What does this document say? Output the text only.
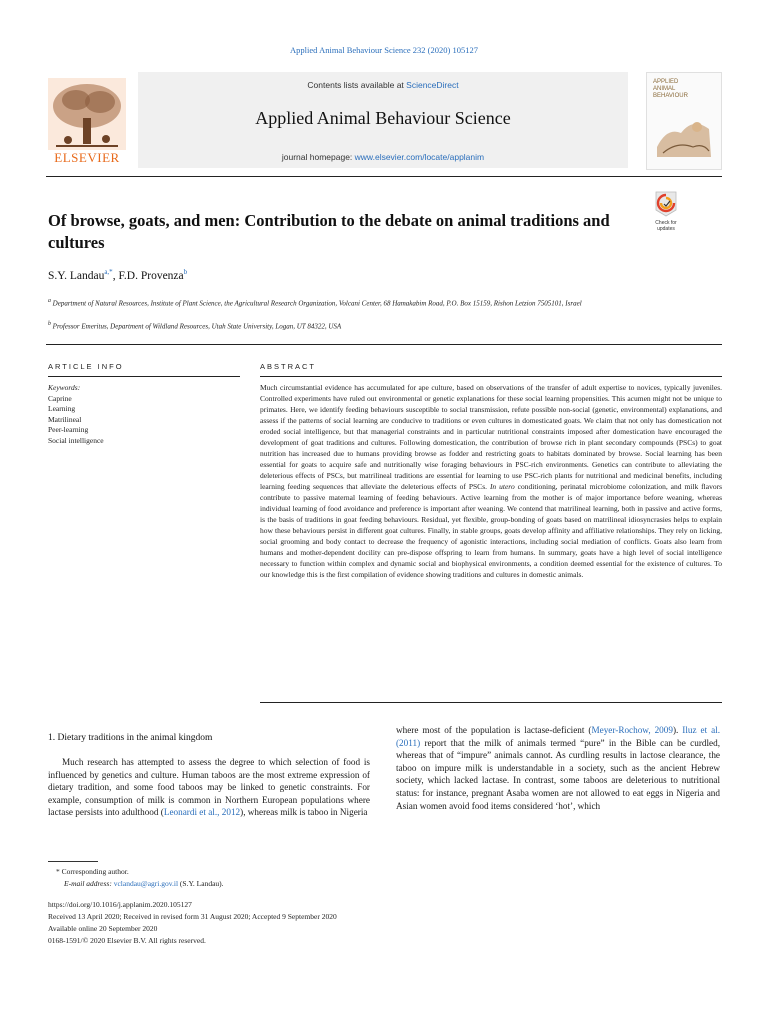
Applied Animal Behaviour Science 232 (2020) 105127
ELSEVIER
Contents lists available at ScienceDirect
Applied Animal Behaviour Science
journal homepage: www.elsevier.com/locate/applanim
APPLIED
ANIMAL
BEHAVIOUR
Of browse, goats, and men: Contribution to the debate on animal traditions and cultures
Check for updates
S.Y. Landau$^{a,*}$, F.D. Provenza$^b$
$^a$ Department of Natural Resources, Institute of Plant Science, the Agricultural Research Organization, Volcani Center, 68 Hamakabim Road, P.O. Box 15159, Rishon Letzion 7505101, Israel
$^b$ Professor Emeritus, Department of Wildland Resources, Utah State University, Logan, UT 84322, USA
ARTICLE INFO	ABSTRACT
Keywords:
Caprine
Learning
Matrilineal
Peer-learning
Social intelligence
Much circumstantial evidence has accumulated for ape culture, based on observations of the transfer of adult expertise to novices, typically juveniles. Controlled experiments have ruled out environmental or genetic explanations for these social learning propensities. This acumen might not be unique to primates. Here, we identify feeding behaviours susceptible to social transmission, refute possible non-social (genetic, environmental) explanations, and assess if the patterns of social learning are conducive to traditions or even cultures in domesticated goats. We claim that not only has domestication not eroded social intelligence, but that managerial constraints and in particular nutritional constraints imposed after domestication have encouraged the development of goat traditions and cultures. Following domestication, the contribution of browse rich in plant secondary compounds (PSCs) to goat nutrition has increased due to humans providing browse as fodder and restricting goats to habitats dominated by browse. Social learning has been essential for goats to acquire safe and nutritionally wise foraging behaviours in PSC-rich environments. Genetics can contribute to alleviating the deleterious effects of PSCs, but matrilineal traditions are essential for learning to use PSC-rich plants for nutritional and medicinal benefits, including learning feeding sequences that alleviate the deleterious effects of PSCs. In utero conditioning, perinatal microbiome colonization, and milk flavors contribute to passive maternal learning of feeding behaviours. Active learning from the mother is of major importance before weaning, whereas individual learning of food avoidance and preference is important after weaning. We contend that matrilineal learning, both in passive and active forms, is the basis of traditions in goat feeding behaviours. Residual, yet flexible, group-bonding of goats based on matrilineal idiosyncrasies helps to explain how these behaviours persist in different goat cultures. Finally, in stable groups, goats develop affinity and affiliative relationships. They rely on licking, social grooming and body contact to decrease the frequency of agonistic interactions, including social mediation of conflicts. Goats also learn from humans and mother-dependent docility can pre-dispose offspring to learn from humans. In summary, goats have a high level of social intelligence necessary to function within complex and dynamic social and biophysical environments, a condition deemed essential for the existence of cultures. To our knowledge this is the first compilation of evidence showing traditions and cultures in domestic animals.
1. Dietary traditions in the animal kingdom
Much research has attempted to assess the degree to which selection of food is influenced by genetics and culture. Human taboos are the most extreme expression of dietary tradition, and some food taboos may be linked to genetic constraints. For example, consumption of milk is common in Northern European populations where lactase persists into adulthood (Leonardi et al., 2012), whereas milk is taboo in Nigeria
where most of the population is lactase-deficient (Meyer-Rochow, 2009). Iluz et al. (2011) report that the milk of animals termed “pure” in the Bible can be curdled, whereas that of “impure” animals cannot. As curdling results in lactose clearance, the taboo on impure milk is understandable in a society, such as the ancient Hebrew society, which lacked lactase. In contrast, some taboos are deleterious to nutritional status: for instance, pregnant Asaba women are not allowed to eat eggs in Nigeria and Asian women avoid food items considered ‘hot’, which
* Corresponding author.
E-mail address: vclandau@agri.gov.il (S.Y. Landau).
https://doi.org/10.1016/j.applanim.2020.105127
Received 13 April 2020; Received in revised form 31 August 2020; Accepted 9 September 2020
Available online 20 September 2020
0168-1591/© 2020 Elsevier B.V. All rights reserved.
